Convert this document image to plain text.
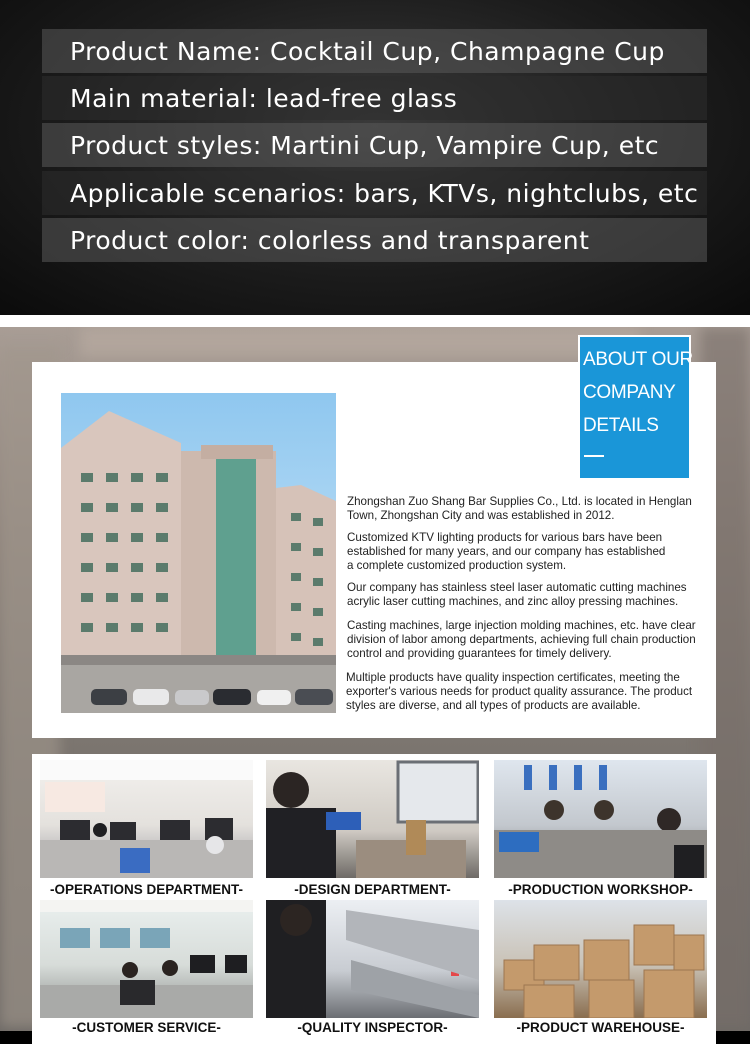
Product Name: Cocktail Cup, Champagne Cup
Main material: lead-free glass
Product styles: Martini Cup, Vampire Cup, etc
Applicable scenarios: bars, KTVs, nightclubs, etc
Product color: colorless and transparent
ABOUT OUR
COMPANY
DETAILS
Zhongshan Zuo Shang Bar Supplies Co., Ltd. is located in Henglan Town, Zhongshan City and was established in 2012.
Customized KTV lighting products for various bars have been established for many years, and our company has established a complete customized production system.
Our company has stainless steel laser automatic cutting machines acrylic laser cutting machines, and zinc alloy pressing machines.
Casting machines, large injection molding machines, etc. have clear division of labor among departments, achieving full chain production control and providing guarantees for timely delivery.
Multiple products have quality inspection certificates, meeting the exporter's various needs for product quality assurance. The product styles are diverse, and all types of products are available.
-OPERATIONS DEPARTMENT-	-DESIGN DEPARTMENT-	-PRODUCTION WORKSHOP-
-CUSTOMER SERVICE-	-QUALITY INSPECTOR-	-PRODUCT WAREHOUSE-
